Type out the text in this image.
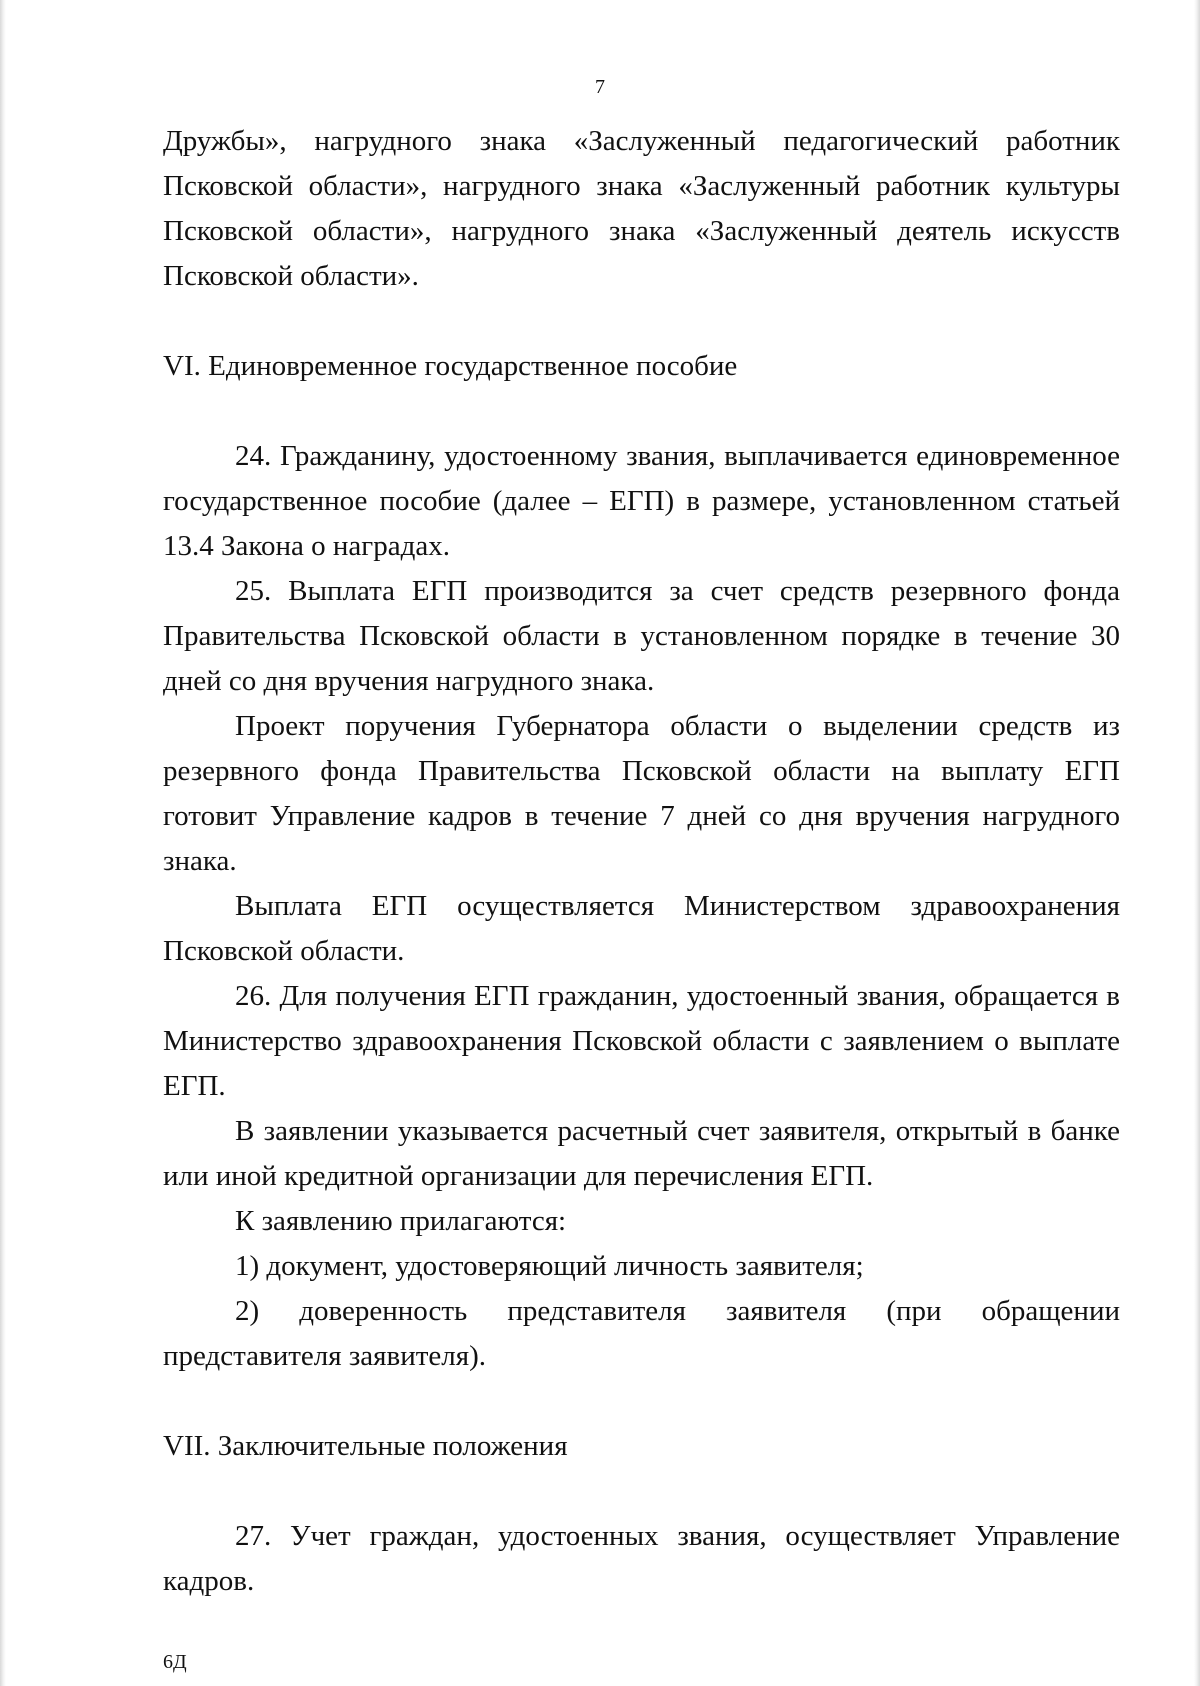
7

Дружбы», нагрудного знака «Заслуженный педагогический работник Псковской области», нагрудного знака «Заслуженный работник культуры Псковской области», нагрудного знака «Заслуженный деятель искусств Псковской области».

VI. Единовременное государственное пособие

24. Гражданину, удостоенному звания, выплачивается единовременное государственное пособие (далее – ЕГП) в размере, установленном статьей 13.4 Закона о наградах.

25. Выплата ЕГП производится за счет средств резервного фонда Правительства Псковской области в установленном порядке в течение 30 дней со дня вручения нагрудного знака.

Проект поручения Губернатора области о выделении средств из резервного фонда Правительства Псковской области на выплату ЕГП готовит Управление кадров в течение 7 дней со дня вручения нагрудного знака.

Выплата ЕГП осуществляется Министерством здравоохранения Псковской области.

26. Для получения ЕГП гражданин, удостоенный звания, обращается в Министерство здравоохранения Псковской области с заявлением о выплате ЕГП.

В заявлении указывается расчетный счет заявителя, открытый в банке или иной кредитной организации для перечисления ЕГП.

К заявлению прилагаются:

1) документ, удостоверяющий личность заявителя;

2) доверенность представителя заявителя (при обращении представителя заявителя).

VII. Заключительные положения

27. Учет граждан, удостоенных звания, осуществляет Управление кадров.

6Д
